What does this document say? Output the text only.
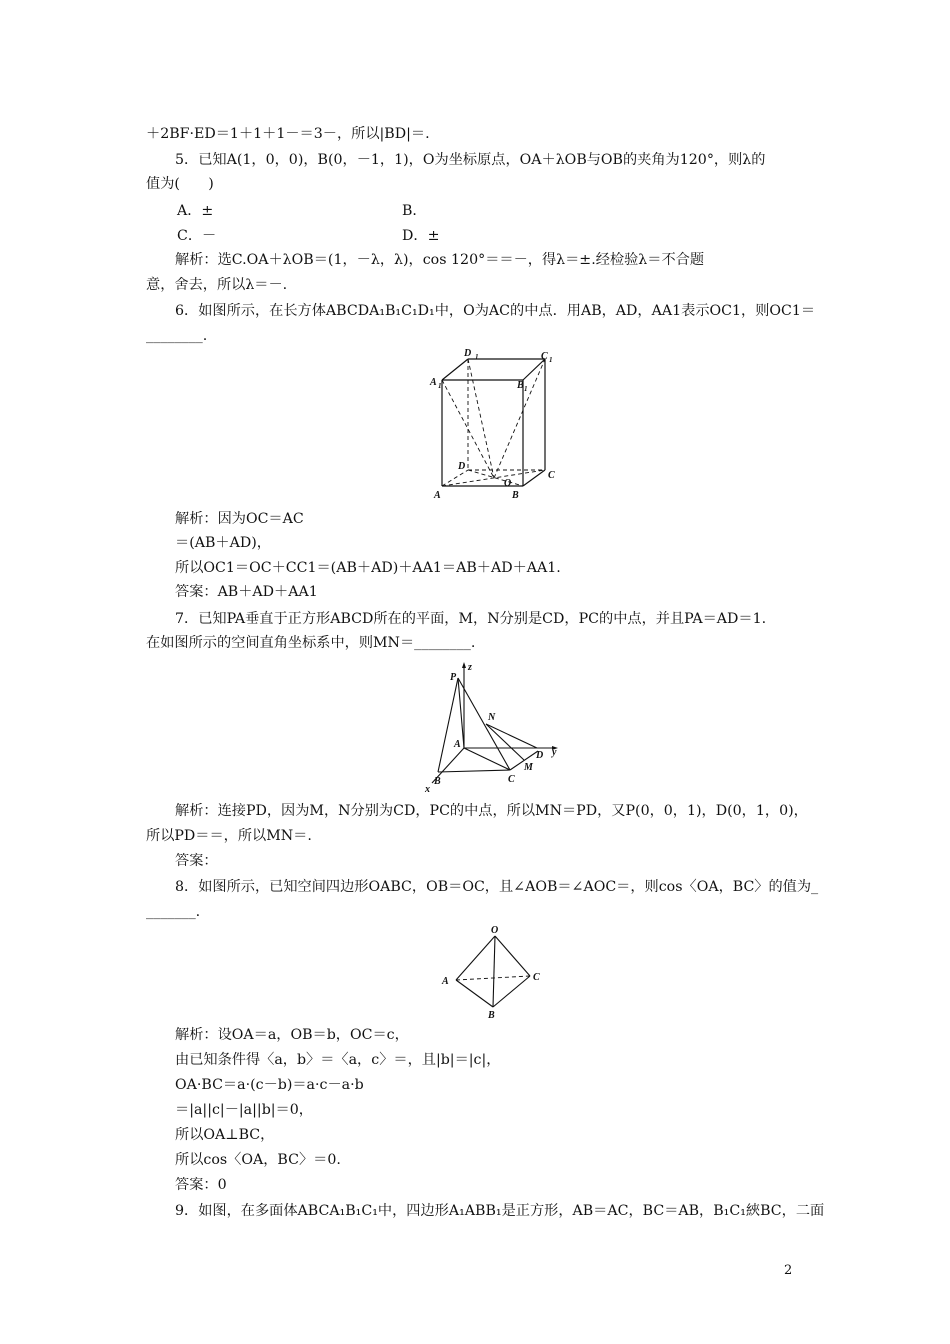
＋2BF·ED＝1＋1＋1－＝3－，所以|BD|＝.
5．已知A(1，0，0)，B(0，－1，1)，O为坐标原点，OA＋λOB与OB的夹角为120°，则λ的
值为(　　)
A．±	B．
C．－	D．±
解析：选C.OA＋λOB＝(1，－λ，λ)，cos 120°＝＝－，得λ＝±.经检验λ＝不合题
意，舍去，所以λ＝－.
6．如图所示，在长方体ABCDA₁B₁C₁D₁中，O为AC的中点．用AB，AD，AA1表示OC1，则OC1＝
________.
A 1
D 1	C 1
B 1
D
C
A	B
O
解析：因为OC＝AC
＝(AB＋AD)，
所以OC1＝OC＋CC1＝(AB＋AD)＋AA1＝AB＋AD＋AA1.
答案：AB＋AD＋AA1
7．已知PA垂直于正方形ABCD所在的平面，M，N分别是CD，PC的中点，并且PA＝AD＝1.
在如图所示的空间直角坐标系中，则MN＝________.
z
P
N
A
D y
M
B	C
x
解析：连接PD，因为M，N分别为CD，PC的中点，所以MN＝PD，又P(0，0，1)，D(0，1，0)，
所以PD＝＝，所以MN＝.
答案：
8．如图所示，已知空间四边形OABC，OB＝OC，且∠AOB＝∠AOC＝，则cos〈OA，BC〉的值为_
_______.
O
A	C
B
解析：设OA＝a，OB＝b，OC＝c，
由已知条件得〈a，b〉＝〈a，c〉＝，且|b|＝|c|，
OA·BC＝a·(c－b)＝a·c－a·b
＝|a||c|－|a||b|＝0，
所以OA⊥BC，
所以cos〈OA，BC〉＝0.
答案：0
9．如图，在多面体ABCA₁B₁C₁中，四边形A₁ABB₁是正方形，AB＝AC，BC＝AB，B₁C₁綊BC，二面
2
